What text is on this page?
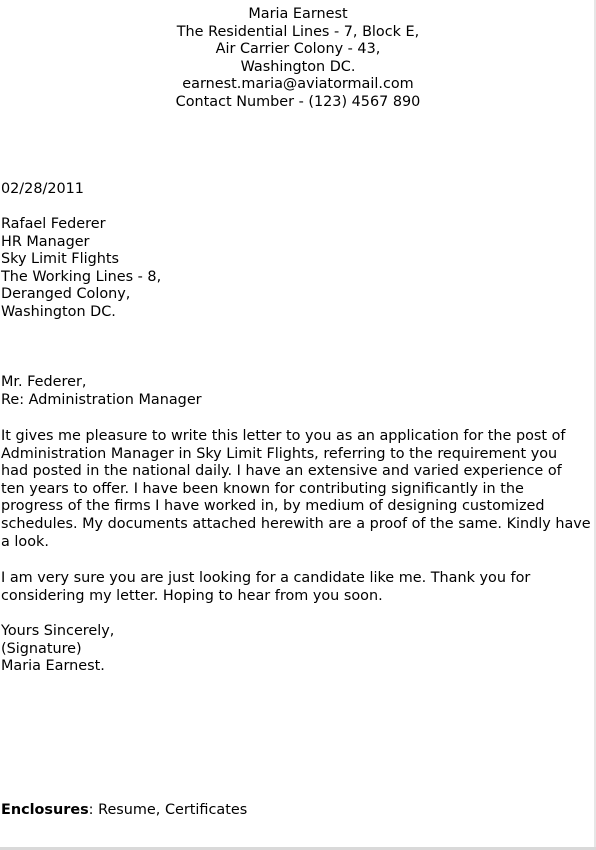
Maria Earnest
The Residential Lines - 7, Block E,
Air Carrier Colony - 43,
Washington DC.
earnest.maria@aviatormail.com
Contact Number - (123) 4567 890
02/28/2011
Rafael Federer
HR Manager
Sky Limit Flights
The Working Lines - 8,
Deranged Colony,
Washington DC.
Mr. Federer,
Re: Administration Manager
It gives me pleasure to write this letter to you as an application for the post of
Administration Manager in Sky Limit Flights, referring to the requirement you
had posted in the national daily. I have an extensive and varied experience of
ten years to offer. I have been known for contributing significantly in the
progress of the firms I have worked in, by medium of designing customized
schedules. My documents attached herewith are a proof of the same. Kindly have
a look.
I am very sure you are just looking for a candidate like me. Thank you for
considering my letter. Hoping to hear from you soon.
Yours Sincerely,
(Signature)
Maria Earnest.
Enclosures: Resume, Certificates
